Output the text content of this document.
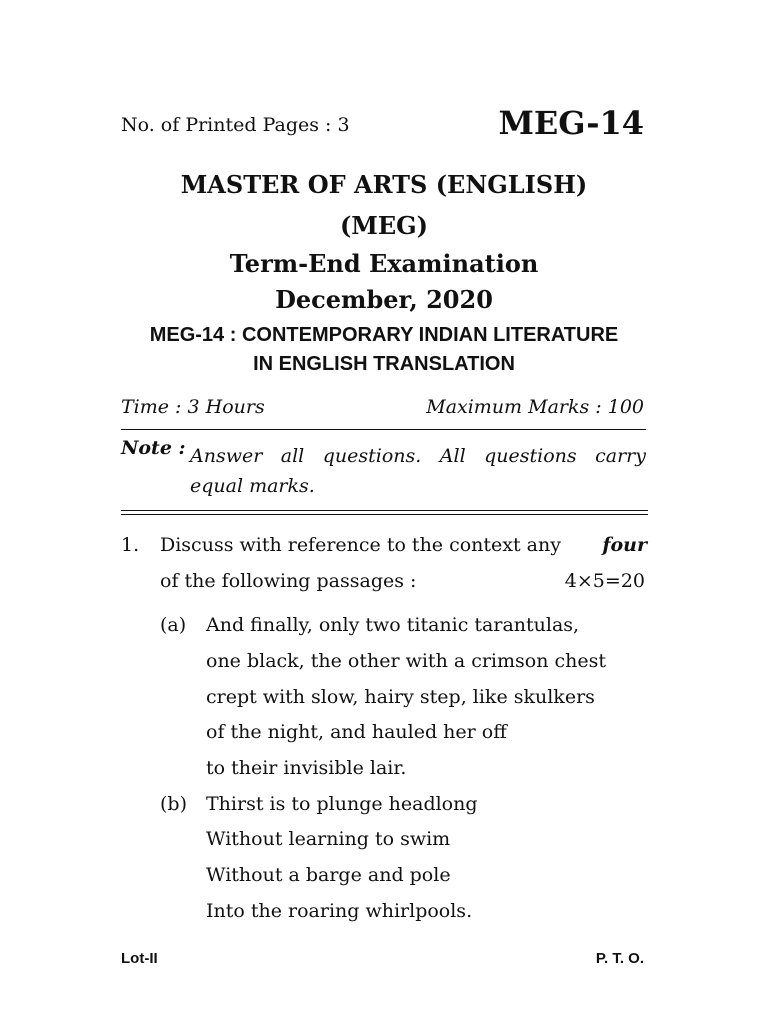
No. of Printed Pages : 3	MEG-14
MASTER OF ARTS (ENGLISH)
(MEG)
Term-End Examination
December, 2020
MEG-14 : CONTEMPORARY INDIAN LITERATURE
IN ENGLISH TRANSLATION
Time : 3 Hours	Maximum Marks : 100
Note : Answer all questions. All questions carry
equal marks.
1. Discuss with reference to the context any four
of the following passages :	4×5=20
(a) And finally, only two titanic tarantulas,
one black, the other with a crimson chest
crept with slow, hairy step, like skulkers
of the night, and hauled her off
to their invisible lair.
(b) Thirst is to plunge headlong
Without learning to swim
Without a barge and pole
Into the roaring whirlpools.
Lot-II	P. T. O.
